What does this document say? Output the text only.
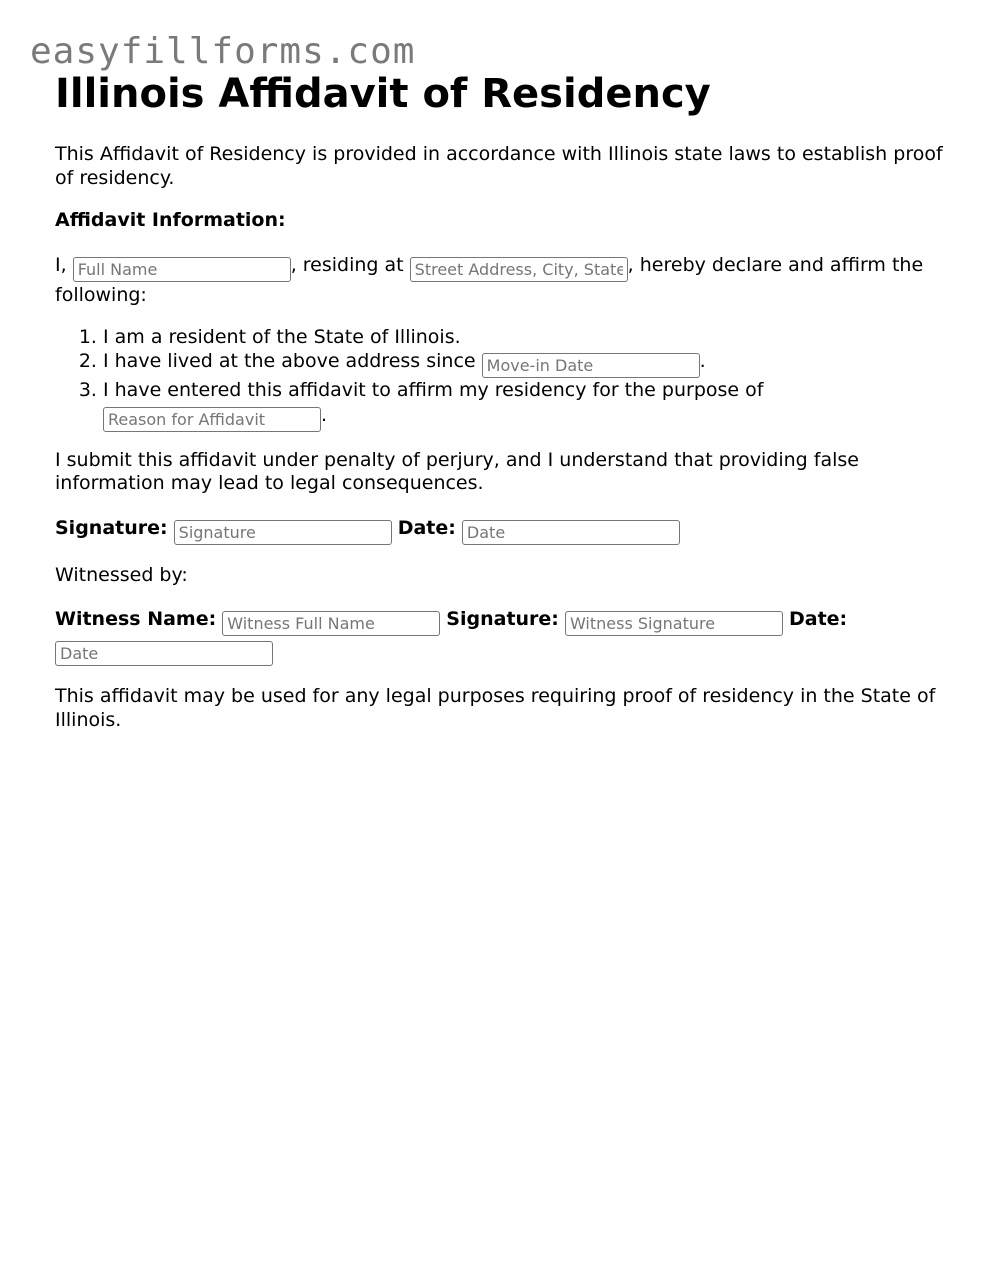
easyfillforms.com
Illinois Affidavit of Residency

This Affidavit of Residency is provided in accordance with Illinois state laws to establish proof of residency.

Affidavit Information:

I, Full Name	, residing at Street Address, City, State	, hereby declare and affirm the following:

1. I am a resident of the State of Illinois.
2. I have lived at the above address since Move-in Date	.
3. I have entered this affidavit to affirm my residency for the purpose of Reason for Affidavit.

I submit this affidavit under penalty of perjury, and I understand that providing false information may lead to legal consequences.

Signature: Signature	Date: Date

Witnessed by:

Witness Name: Witness Full Name	Signature: Witness Signature	Date: Date

This affidavit may be used for any legal purposes requiring proof of residency in the State of Illinois.
